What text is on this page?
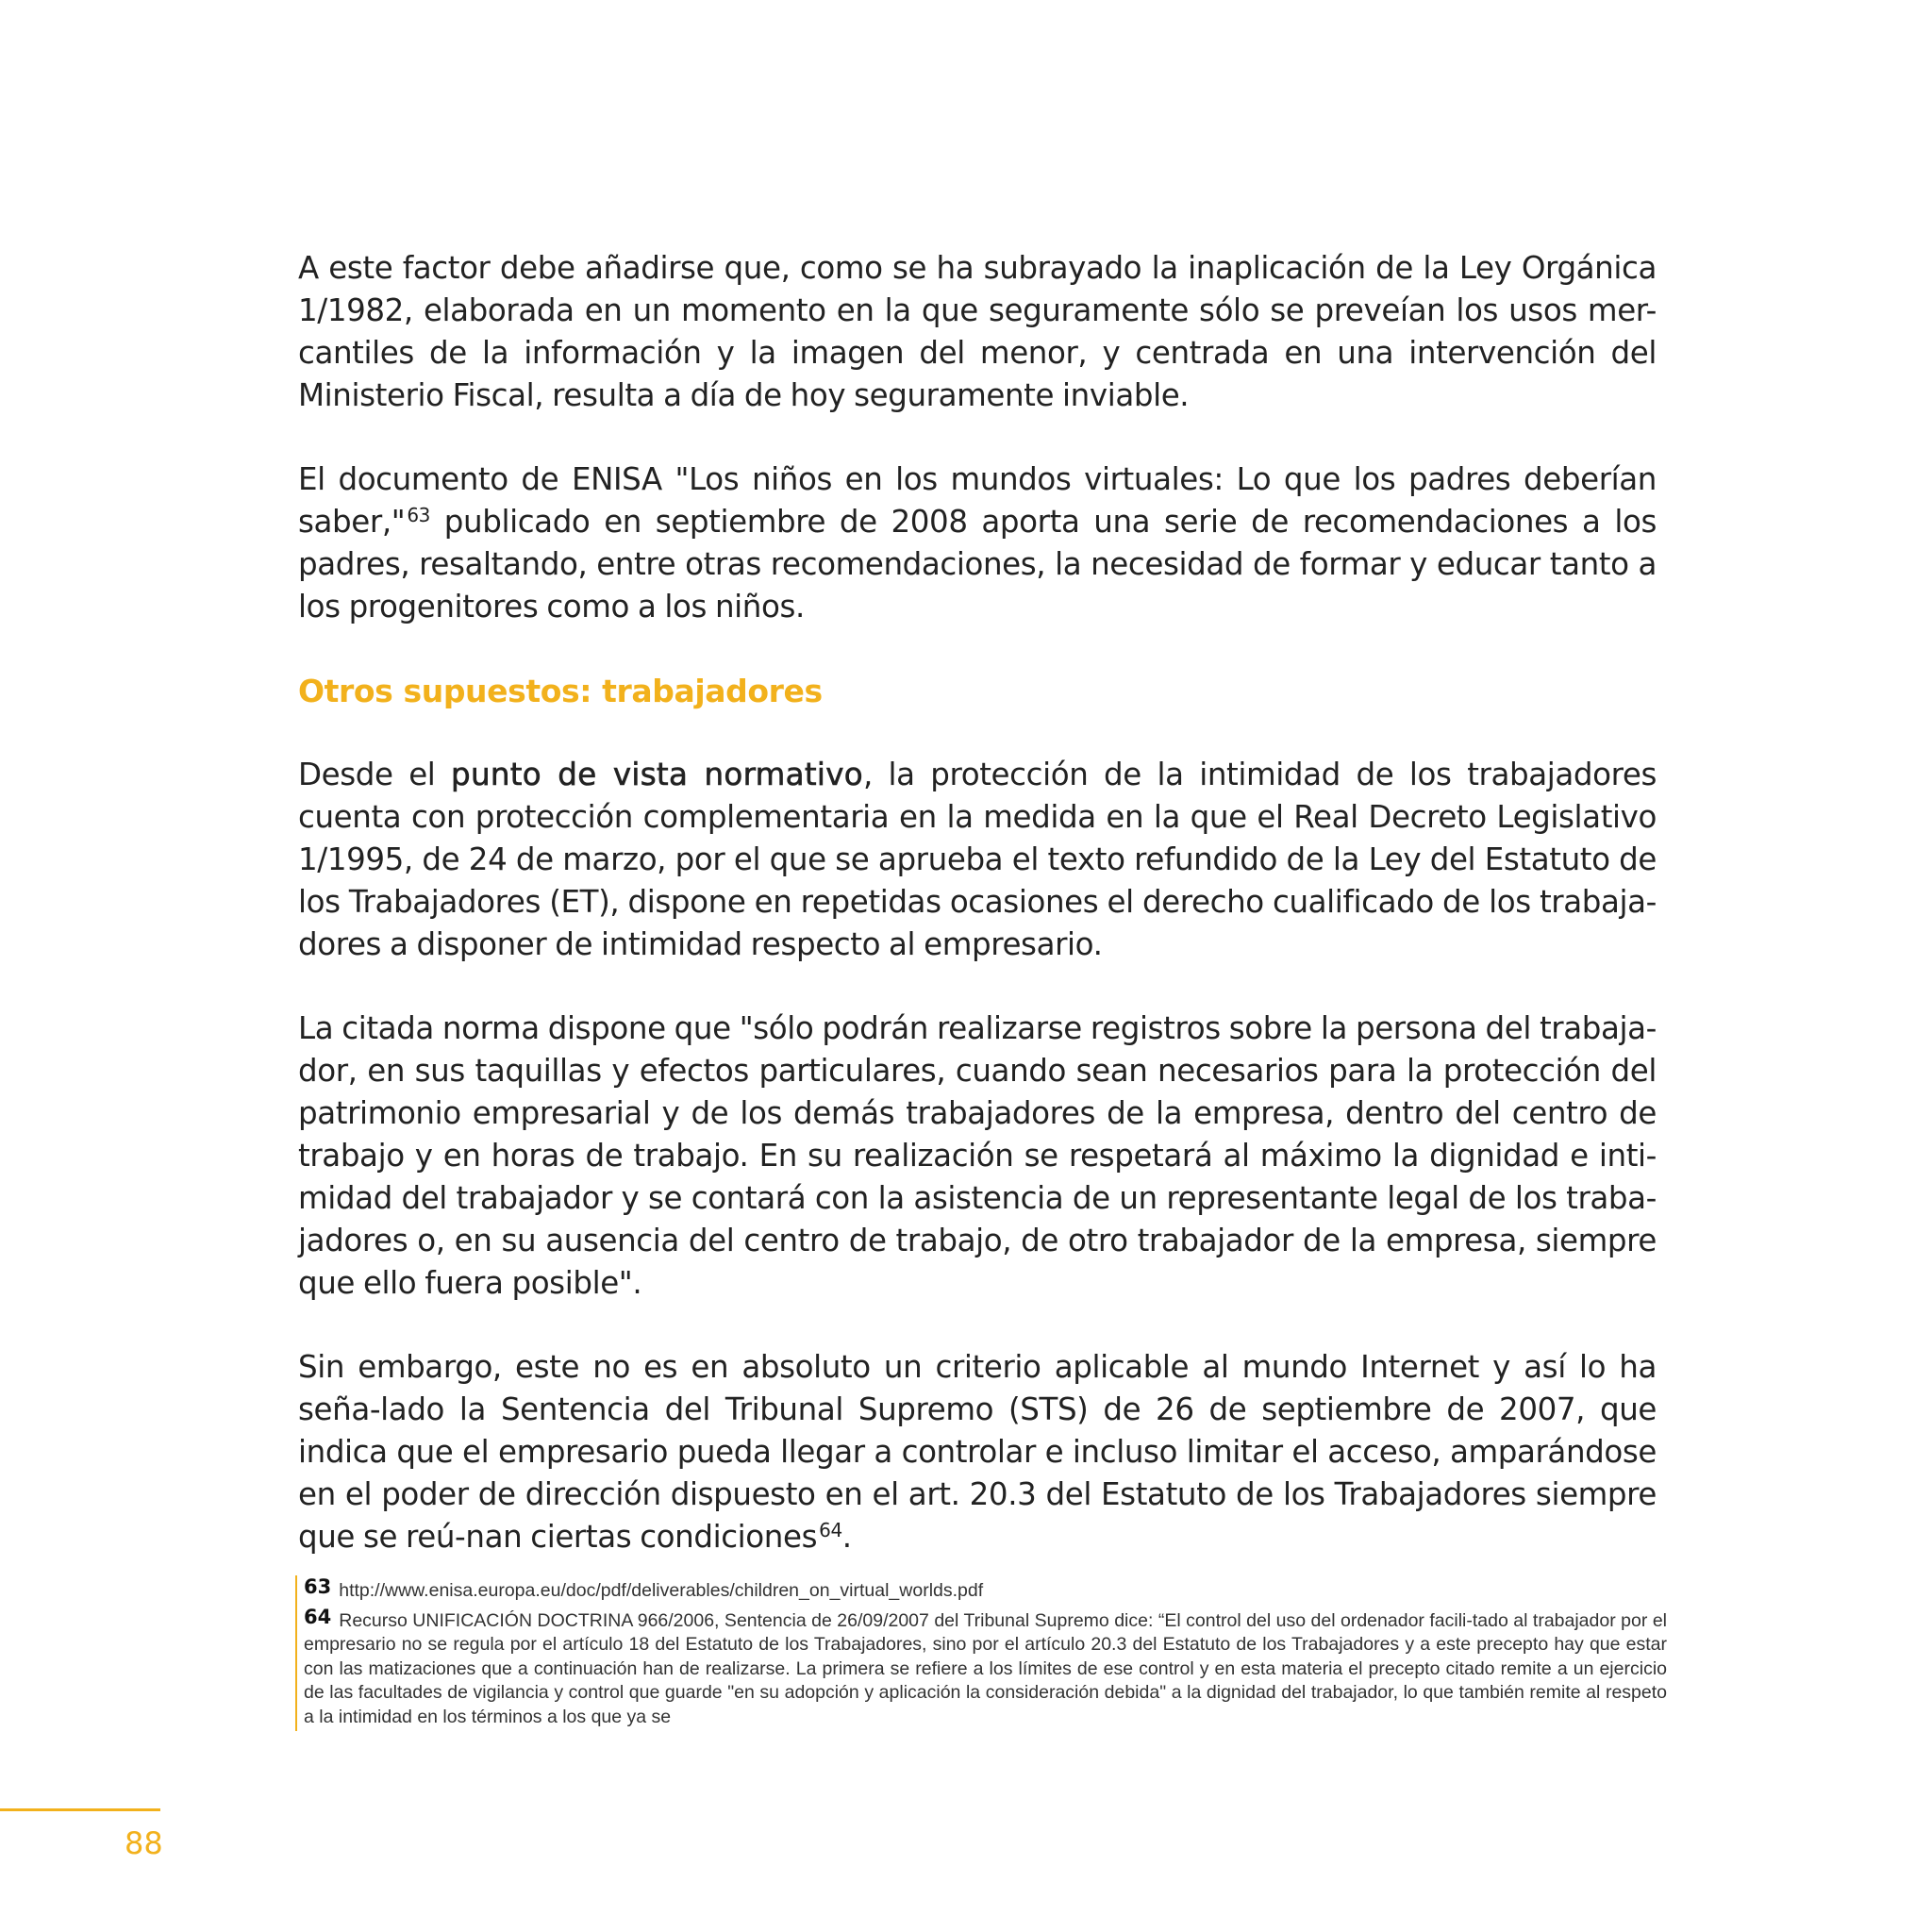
A este factor debe añadirse que, como se ha subrayado la inaplicación de la Ley Orgánica 1/1982, elaborada en un momento en la que seguramente sólo se preveían los usos mer-cantiles de la información y la imagen del menor, y centrada en una intervención del Ministerio Fiscal, resulta a día de hoy seguramente inviable.

El documento de ENISA "Los niños en los mundos virtuales: Lo que los padres deberían saber," $^{63}$ publicado en septiembre de 2008 aporta una serie de recomendaciones a los padres, resaltando, entre otras recomendaciones, la necesidad de formar y educar tanto a los progenitores como a los niños.

Otros supuestos: trabajadores

Desde el punto de vista normativo, la protección de la intimidad de los trabajadores cuenta con protección complementaria en la medida en la que el Real Decreto Legislativo 1/1995, de 24 de marzo, por el que se aprueba el texto refundido de la Ley del Estatuto de los Trabajadores (ET), dispone en repetidas ocasiones el derecho cualificado de los trabaja-dores a disponer de intimidad respecto al empresario.

La citada norma dispone que "sólo podrán realizarse registros sobre la persona del trabaja-dor, en sus taquillas y efectos particulares, cuando sean necesarios para la protección del patrimonio empresarial y de los demás trabajadores de la empresa, dentro del centro de trabajo y en horas de trabajo. En su realización se respetará al máximo la dignidad e inti-midad del trabajador y se contará con la asistencia de un representante legal de los traba-jadores o, en su ausencia del centro de trabajo, de otro trabajador de la empresa, siempre que ello fuera posible".

Sin embargo, este no es en absoluto un criterio aplicable al mundo Internet y así lo ha seña-lado la Sentencia del Tribunal Supremo (STS) de 26 de septiembre de 2007, que indica que el empresario pueda llegar a controlar e incluso limitar el acceso, amparándose en el poder de dirección dispuesto en el art. 20.3 del Estatuto de los Trabajadores siempre que se reú-nan ciertas condiciones $^{64}$.

63 http://www.enisa.europa.eu/doc/pdf/deliverables/children_on_virtual_worlds.pdf

64 Recurso UNIFICACIÓN DOCTRINA 966/2006, Sentencia de 26/09/2007 del Tribunal Supremo dice: “El control del uso del ordenador facili-tado al trabajador por el empresario no se regula por el artículo 18 del Estatuto de los Trabajadores, sino por el artículo 20.3 del Estatuto de los Trabajadores y a este precepto hay que estar con las matizaciones que a continuación han de realizarse. La primera se refiere a los límites de ese control y en esta materia el precepto citado remite a un ejercicio de las facultades de vigilancia y control que guarde "en su adopción y aplicación la consideración debida" a la dignidad del trabajador, lo que también remite al respeto a la intimidad en los términos a los que ya se

88
